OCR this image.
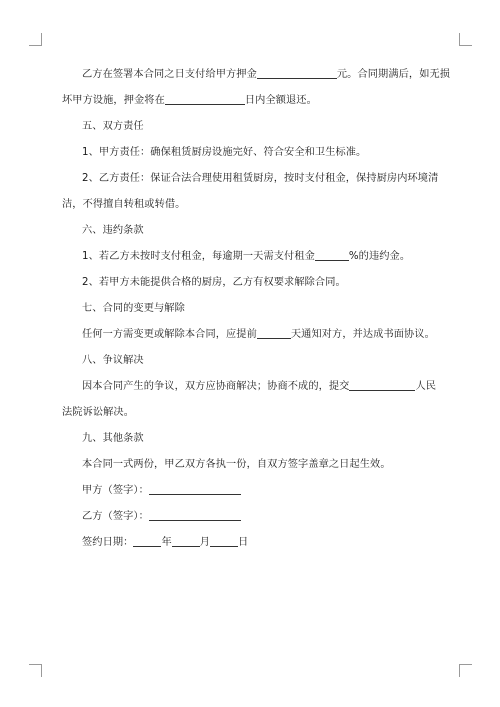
乙方在签署本合同之日支付给甲方押金	元。合同期满后，如无损

坏甲方设施，押金将在	日内全额退还。

五、双方责任

1、甲方责任：确保租赁厨房设施完好、符合安全和卫生标准。

2、乙方责任：保证合法合理使用租赁厨房，按时支付租金，保持厨房内环境清

洁，不得擅自转租或转借。

六、违约条款

1、若乙方未按时支付租金，每逾期一天需支付租金	%的违约金。

2、若甲方未能提供合格的厨房，乙方有权要求解除合同。

七、合同的变更与解除

任何一方需变更或解除本合同，应提前	天通知对方，并达成书面协议。

八、争议解决

因本合同产生的争议，双方应协商解决；协商不成的，提交	人民

法院诉讼解决。

九、其他条款

本合同一式两份，甲乙双方各执一份，自双方签字盖章之日起生效。

甲方（签字）：

乙方（签字）：

签约日期：	年	月	日
